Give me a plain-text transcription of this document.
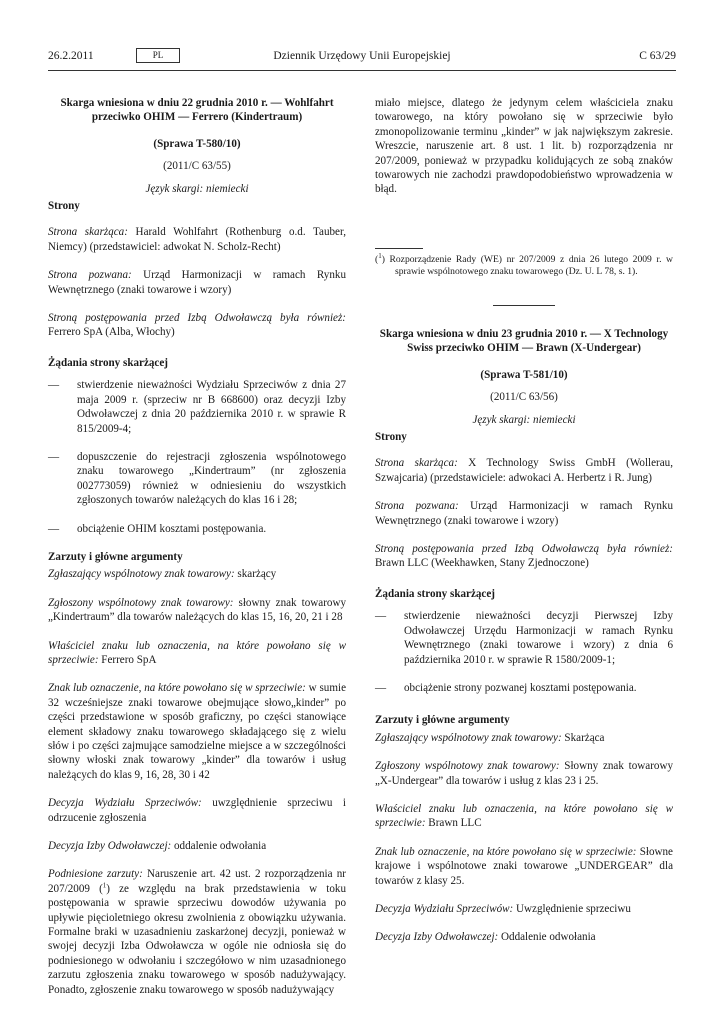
26.2.2011	PL	Dziennik Urzędowy Unii Europejskiej	C 63/29

Skarga wniesiona w dniu 22 grudnia 2010 r. — Wohlfahrt przeciwko OHIM — Ferrero (Kindertraum)

(Sprawa T-580/10)

(2011/C 63/55)

Język skargi: niemiecki

Strony

Strona skarżąca: Harald Wohlfahrt (Rothenburg o.d. Tauber, Niemcy) (przedstawiciel: adwokat N. Scholz-Recht)

Strona pozwana: Urząd Harmonizacji w ramach Rynku Wewnętrznego (znaki towarowe i wzory)

Stroną postępowania przed Izbą Odwoławczą była również: Ferrero SpA (Alba, Włochy)

Żądania strony skarżącej

— stwierdzenie nieważności Wydziału Sprzeciwów z dnia 27 maja 2009 r. (sprzeciw nr B 668600) oraz decyzji Izby Odwoławczej z dnia 20 października 2010 r. w sprawie R 815/2009-4;

— dopuszczenie do rejestracji zgłoszenia wspólnotowego znaku towarowego „Kindertraum” (nr zgłoszenia 002773059) również w odniesieniu do wszystkich zgłoszonych towarów należących do klas 16 i 28;

— obciążenie OHIM kosztami postępowania.

Zarzuty i główne argumenty

Zgłaszający wspólnotowy znak towarowy: skarżący

Zgłoszony wspólnotowy znak towarowy: słowny znak towarowy „Kindertraum” dla towarów należących do klas 15, 16, 20, 21 i 28

Właściciel znaku lub oznaczenia, na które powołano się w sprzeciwie: Ferrero SpA

Znak lub oznaczenie, na które powołano się w sprzeciwie: w sumie 32 wcześniejsze znaki towarowe obejmujące słowo„kinder” po części przedstawione w sposób graficzny, po części stanowiące element składowy znaku towarowego składającego się z wielu słów i po części zajmujące samodzielne miejsce a w szczególności słowny włoski znak towarowy „kinder” dla towarów i usług należących do klas 9, 16, 28, 30 i 42

Decyzja Wydziału Sprzeciwów: uwzględnienie sprzeciwu i odrzucenie zgłoszenia

Decyzja Izby Odwoławczej: oddalenie odwołania

Podniesione zarzuty: Naruszenie art. 42 ust. 2 rozporządzenia nr 207/2009 ($^1$) ze względu na brak przedstawienia w toku postępowania w sprawie sprzeciwu dowodów używania po upływie pięcioletniego okresu zwolnienia z obowiązku używania. Formalne braki w uzasadnieniu zaskarżonej decyzji, ponieważ w swojej decyzji Izba Odwoławcza w ogóle nie odniosła się do podniesionego w odwołaniu i szczegółowo w nim uzasadnionego zarzutu zgłoszenia znaku towarowego w sposób nadużywający. Ponadto, zgłoszenie znaku towarowego w sposób nadużywający

Skarga wniesiona w dniu 23 grudnia 2010 r. — X Technology Swiss przeciwko OHIM — Brawn (X-Undergear)

(Sprawa T-581/10)

(2011/C 63/56)

Język skargi: niemiecki

Strony

Strona skarżąca: X Technology Swiss GmbH (Wollerau, Szwajcaria) (przedstawiciele: adwokaci A. Herbertz i R. Jung)

Strona pozwana: Urząd Harmonizacji w ramach Rynku Wewnętrznego (znaki towarowe i wzory)

Stroną postępowania przed Izbą Odwoławczą była również: Brawn LLC (Weekhawken, Stany Zjednoczone)

Żądania strony skarżącej

— stwierdzenie nieważności decyzji Pierwszej Izby Odwoławczej Urzędu Harmonizacji w ramach Rynku Wewnętrznego (znaki towarowe i wzory) z dnia 6 października 2010 r. w sprawie R 1580/2009-1;

— obciążenie strony pozwanej kosztami postępowania.

Zarzuty i główne argumenty

Zgłaszający wspólnotowy znak towarowy: Skarżąca

Zgłoszony wspólnotowy znak towarowy: Słowny znak towarowy „X-Undergear” dla towarów i usług z klas 23 i 25.

Właściciel znaku lub oznaczenia, na które powołano się w sprzeciwie: Brawn LLC

Znak lub oznaczenie, na które powołano się w sprzeciwie: Słowne krajowe i wspólnotowe znaki towarowe „UNDERGEAR” dla towarów z klasy 25.

Decyzja Wydziału Sprzeciwów: Uwzględnienie sprzeciwu

Decyzja Izby Odwoławczej: Oddalenie odwołania

miało miejsce, dlatego że jedynym celem właściciela znaku towarowego, na który powołano się w sprzeciwie było zmonopolizowanie terminu „kinder” w jak największym zakresie. Wreszcie, naruszenie art. 8 ust. 1 lit. b) rozporządzenia nr 207/2009, ponieważ w przypadku kolidujących ze sobą znaków towarowych nie zachodzi prawdopodobieństwo wprowadzenia w błąd.

($^1$) Rozporządzenie Rady (WE) nr 207/2009 z dnia 26 lutego 2009 r. w sprawie wspólnotowego znaku towarowego (Dz. U. L 78, s. 1).
